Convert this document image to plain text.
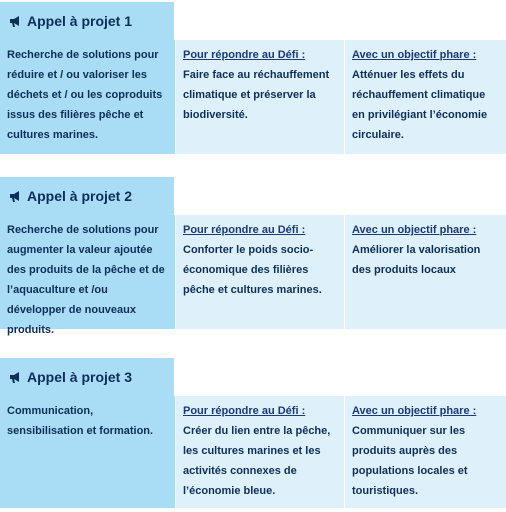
Appel à projet 1
Recherche de solutions pour réduire et / ou valoriser les déchets et / ou les coproduits issus des filières pêche et cultures marines.
Pour répondre au Défi :
Faire face au réchauffement climatique et préserver la biodiversité.
Avec un objectif phare :
Atténuer les effets du réchauffement climatique en privilégiant l’économie circulaire.
Appel à projet 2
Recherche de solutions pour augmenter la valeur ajoutée des produits de la pêche et de l’aquaculture et /ou développer de nouveaux produits.
Pour répondre au Défi :
Conforter le poids socio-économique des filières pêche et cultures marines.
Avec un objectif phare :
Améliorer la valorisation des produits locaux
Appel à projet 3
Communication, sensibilisation et formation.
Pour répondre au Défi :
Créer du lien entre la pêche, les cultures marines et les activités connexes de l’économie bleue.
Avec un objectif phare :
Communiquer sur les produits auprès des populations locales et touristiques.
